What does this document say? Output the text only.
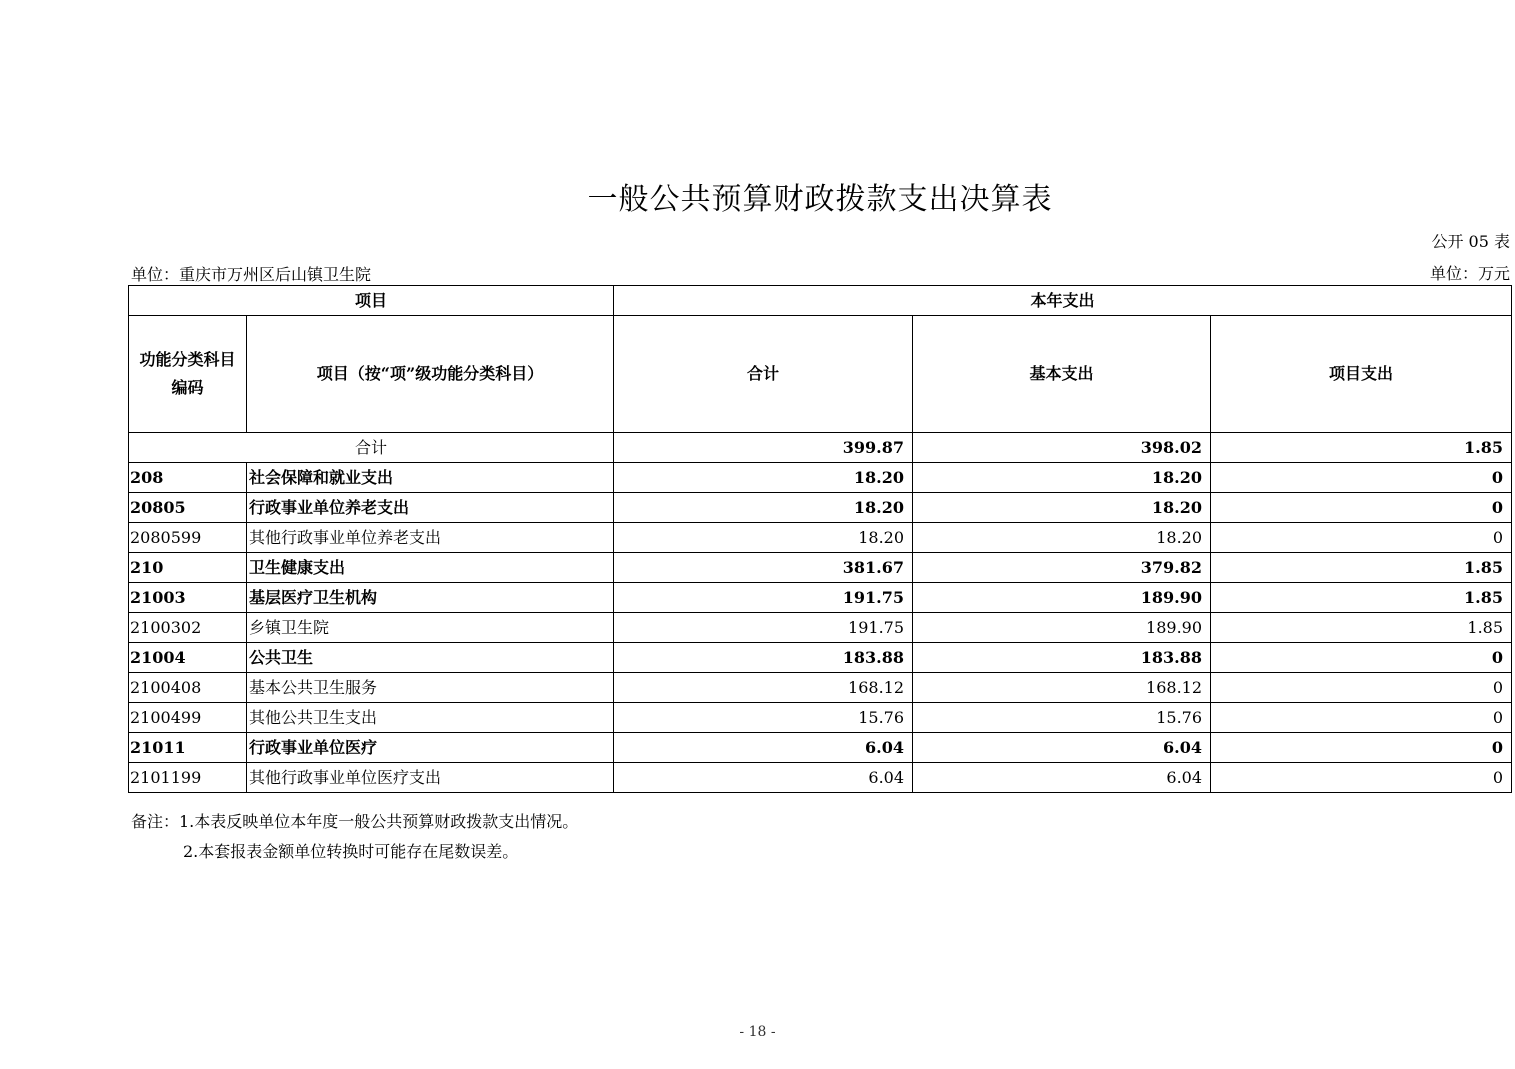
一般公共预算财政拨款支出决算表
公开 05 表
单位：重庆市万州区后山镇卫生院	单位：万元
项目		本年支出		
功能分类科目
编码	项目（按“项”级功能分类科目）	合计	基本支出	项目支出
合计		399.87	398.02	1.85
208	社会保障和就业支出	18.20	18.20	0
20805	行政事业单位养老支出	18.20	18.20	0
2080599	其他行政事业单位养老支出	18.20	18.20	0
210	卫生健康支出	381.67	379.82	1.85
21003	基层医疗卫生机构	191.75	189.90	1.85
2100302	乡镇卫生院	191.75	189.90	1.85
21004	公共卫生	183.88	183.88	0
2100408	基本公共卫生服务	168.12	168.12	0
2100499	其他公共卫生支出	15.76	15.76	0
21011	行政事业单位医疗	6.04	6.04	0
2101199	其他行政事业单位医疗支出	6.04	6.04	0
备注：1.本表反映单位本年度一般公共预算财政拨款支出情况。
2.本套报表金额单位转换时可能存在尾数误差。
- 18 -
